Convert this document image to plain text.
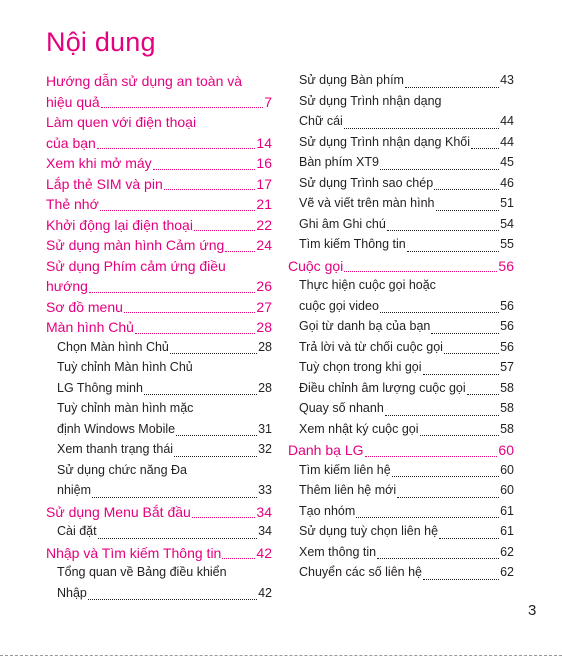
Nội dung
Hướng dẫn sử dụng an toàn và
hiệu quả	7
Làm quen với điện thoại
của bạn	14
Xem khi mở máy	16
Lắp thẻ SIM và pin	17
Thẻ nhớ	21
Khởi động lại điện thoại	22
Sử dụng màn hình Cảm ứng 24
Sử dụng Phím cảm ứng điều
hướng	26
Sơ đồ menu	27
Màn hình Chủ	28
Chọn Màn hình Chủ	28
Tuỳ chỉnh Màn hình Chủ
LG Thông minh	28
Tuỳ chỉnh màn hình mặc
định Windows Mobile	31
Xem thanh trạng thái	32
Sử dụng chức năng Đa
nhiệm	33
Sử dụng Menu Bắt đầu	34
Cài đặt	34
Nhập và Tìm kiếm Thông tin	42
Tổng quan về Bảng điều khiển
Nhập	42
Sử dụng Bàn phím	43
Sử dụng Trình nhận dạng
Chữ cái	44
Sử dụng Trình nhận dạng Khối 44
Bàn phím XT9	45
Sử dụng Trình sao chép	46
Vẽ và viết trên màn hình	51
Ghi âm Ghi chú	54
Tìm kiếm Thông tin	55
Cuộc gọi	56
Thực hiện cuộc gọi hoặc
cuộc gọi video	56
Gọi từ danh bạ của bạn	56
Trả lời và từ chối cuộc gọi	56
Tuỳ chọn trong khi gọi	57
Điều chỉnh âm lượng cuộc gọi	58
Quay số nhanh	58
Xem nhật ký cuộc gọi	58
Danh bạ LG	60
Tìm kiếm liên hệ	60
Thêm liên hệ mới	60
Tạo nhóm	61
Sử dụng tuỳ chọn liên hệ	61
Xem thông tin	62
Chuyển các số liên hệ	62
3
